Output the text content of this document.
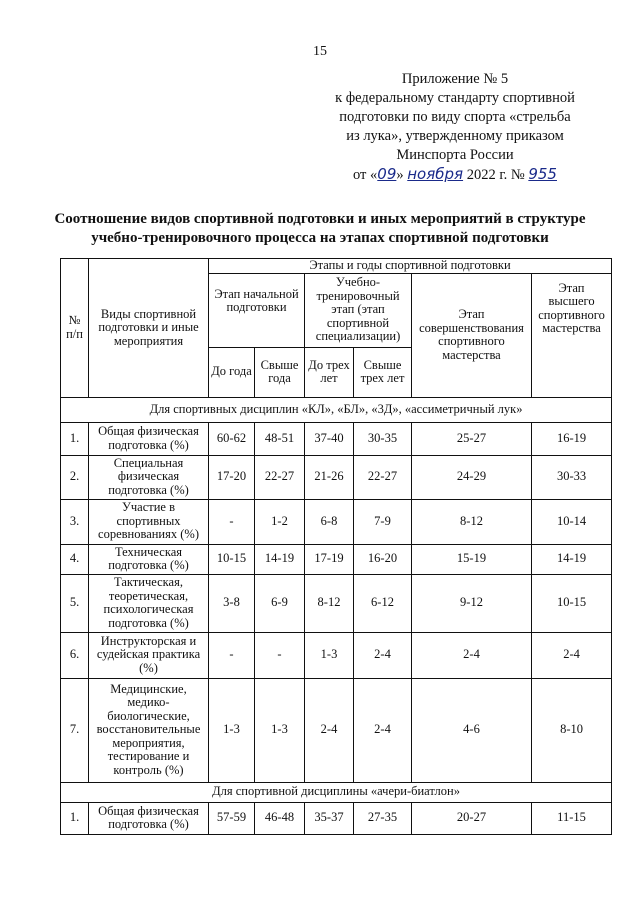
15
Приложение № 5
к федеральному стандарту спортивной
подготовки по виду спорта «стрельба
из лука», утвержденному приказом
Минспорта России
от «09» ноября 2022 г. № 955
Соотношение видов спортивной подготовки и иных мероприятий в структуре
учебно-тренировочного процесса на этапах спортивной подготовки
№ п/п	Виды спортивной подготовки и иные мероприятия	Этапы и годы спортивной подготовки					
		Этап начальной подготовки		Учебно-тренировочный этап (этап спортивной специализации)		Этап совершенствования спортивного мастерства	Этап высшего спортивного мастерства
		До года	Свыше года	До трех лет	Свыше трех лет		
Для спортивных дисциплин «КЛ», «БЛ», «3Д», «ассиметричный лук»							
1.	Общая физическая подготовка (%)	60-62	48-51	37-40	30-35	25-27	16-19
2.	Специальная физическая подготовка (%)	17-20	22-27	21-26	22-27	24-29	30-33
3.	Участие в спортивных соревнованиях (%)	-	1-2	6-8	7-9	8-12	10-14
4.	Техническая подготовка (%)	10-15	14-19	17-19	16-20	15-19	14-19
5.	Тактическая, теоретическая, психологическая подготовка (%)	3-8	6-9	8-12	6-12	9-12	10-15
6.	Инструкторская и судейская практика (%)	-	-	1-3	2-4	2-4	2-4
7.	Медицинские, медико-биологические, восстановительные мероприятия, тестирование и контроль (%)	1-3	1-3	2-4	2-4	4-6	8-10
Для спортивной дисциплины «ачери-биатлон»							
1.	Общая физическая подготовка (%)	57-59	46-48	35-37	27-35	20-27	11-15
